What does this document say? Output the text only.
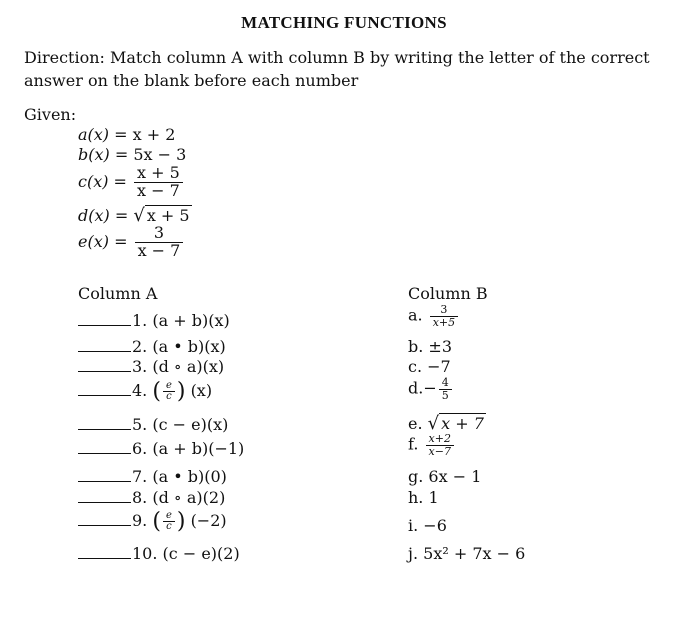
MATCHING FUNCTIONS
Direction: Match column A with column B by writing the letter of the correct answer on the blank before each number
Given:
a(x) = x + 2
b(x) = 5x − 3
$c(x) = \frac{x + 5}{x - 7}$
d(x) = √ x + 5
$e(x) = \frac{3}{x - 7}$
Column A	Column B
1. (a + b)(x)
2. (a • b)(x)
3. (d ∘ a)(x)
4. ( $\frac{e}{c}$ ) (x)
5. (c − e)(x)
6. (a + b)(−1)
7. (a • b)(0)
8. (d ∘ a)(2)
9. ( $\frac{e}{c}$ ) (−2)
10. (c − e)(2)
a. $\frac{3}{x+5}$
b. ±3
c. −7
$d.- \frac{4}{5}$
e. √ x + 7
f. $\frac{x+2}{x-7}$
g. 6x − 1
h. 1
i. −6
j. 5x² + 7x − 6
